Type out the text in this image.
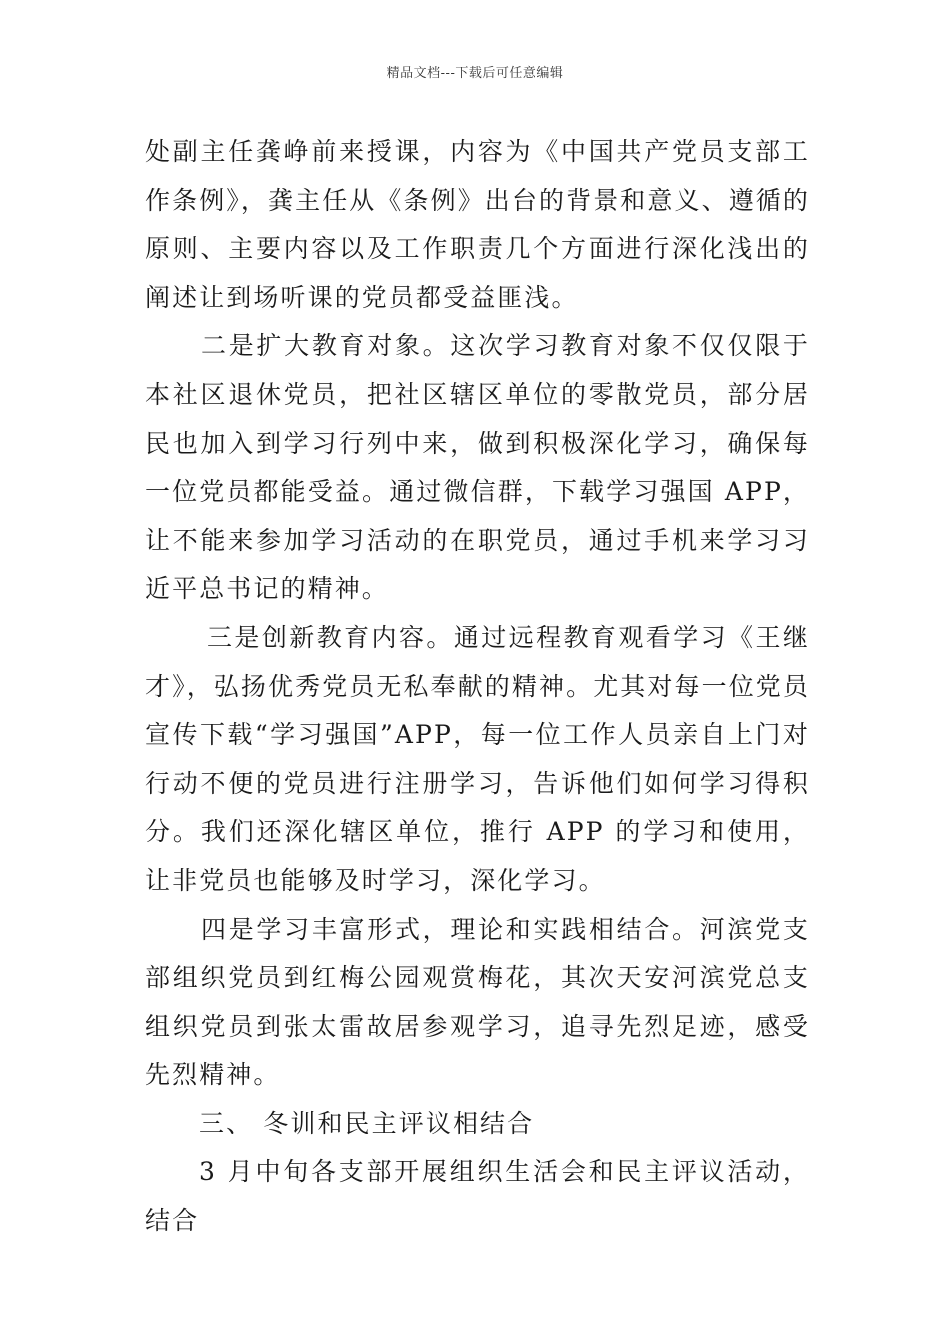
精品文档---下载后可任意编辑

处副主任龚峥前来授课，内容为《中国共产党员支部工作条例》，龚主任从《条例》出台的背景和意义、遵循的原则、主要内容以及工作职责几个方面进行深化浅出的阐述让到场听课的党员都受益匪浅。

二是扩大教育对象。这次学习教育对象不仅仅限于本社区退休党员，把社区辖区单位的零散党员，部分居民也加入到学习行列中来，做到积极深化学习，确保每一位党员都能受益。通过微信群，下载学习强国 APP，让不能来参加学习活动的在职党员，通过手机来学习习近平总书记的精神。

三是创新教育内容。通过远程教育观看学习《王继才》，弘扬优秀党员无私奉献的精神。尤其对每一位党员宣传下载“学习强国”APP，每一位工作人员亲自上门对行动不便的党员进行注册学习，告诉他们如何学习得积分。我们还深化辖区单位，推行 APP 的学习和使用，让非党员也能够及时学习，深化学习。

四是学习丰富形式，理论和实践相结合。河滨党支部组织党员到红梅公园观赏梅花，其次天安河滨党总支组织党员到张太雷故居参观学习，追寻先烈足迹，感受先烈精神。

三、 冬训和民主评议相结合

3 月中旬各支部开展组织生活会和民主评议活动，结合
